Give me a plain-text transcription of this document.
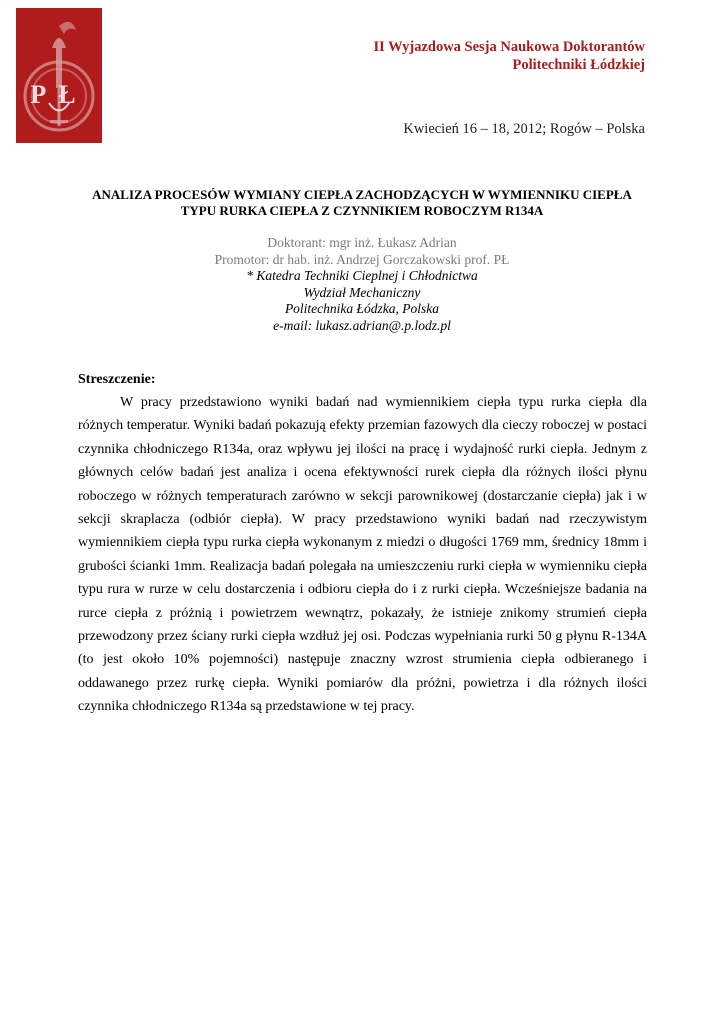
PŁ
II Wyjazdowa Sesja Naukowa Doktorantów
Politechniki Łódzkiej
Kwiecień 16 – 18, 2012; Rogów – Polska
ANALIZA PROCESÓW WYMIANY CIEPŁA ZACHODZĄCYCH W WYMIENNIKU CIEPŁA
TYPU RURKA CIEPŁA Z CZYNNIKIEM ROBOCZYM R134A
Doktorant: mgr inż. Łukasz Adrian
Promotor: dr hab. inż. Andrzej Gorczakowski prof. PŁ
* Katedra Techniki Cieplnej i Chłodnictwa
Wydział Mechaniczny
Politechnika Łódzka, Polska
e-mail: lukasz.adrian@.p.lodz.pl
Streszczenie:

W pracy przedstawiono wyniki badań nad wymiennikiem ciepła typu rurka ciepła dla różnych temperatur. Wyniki badań pokazują efekty przemian fazowych dla cieczy roboczej w postaci czynnika chłodniczego R134a, oraz wpływu jej ilości na pracę i wydajność rurki ciepła. Jednym z głównych celów badań jest analiza i ocena efektywności rurek ciepła dla różnych ilości płynu roboczego w różnych temperaturach zarówno w sekcji parownikowej (dostarczanie ciepła) jak i w sekcji skraplacza (odbiór ciepła). W pracy przedstawiono wyniki badań nad rzeczywistym wymiennikiem ciepła typu rurka ciepła wykonanym z miedzi o długości 1769 mm, średnicy 18mm i grubości ścianki 1mm. Realizacja badań polegała na umieszczeniu rurki ciepła w wymienniku ciepła typu rura w rurze w celu dostarczenia i odbioru ciepła do i z rurki ciepła. Wcześniejsze badania na rurce ciepła z próżnią i powietrzem wewnątrz, pokazały, że istnieje znikomy strumień ciepła przewodzony przez ściany rurki ciepła wzdłuż jej osi. Podczas wypełniania rurki 50 g płynu R-134A (to jest około 10% pojemności) następuje znaczny wzrost strumienia ciepła odbieranego i oddawanego przez rurkę ciepła. Wyniki pomiarów dla próżni, powietrza i dla różnych ilości czynnika chłodniczego R134a są przedstawione w tej pracy.
